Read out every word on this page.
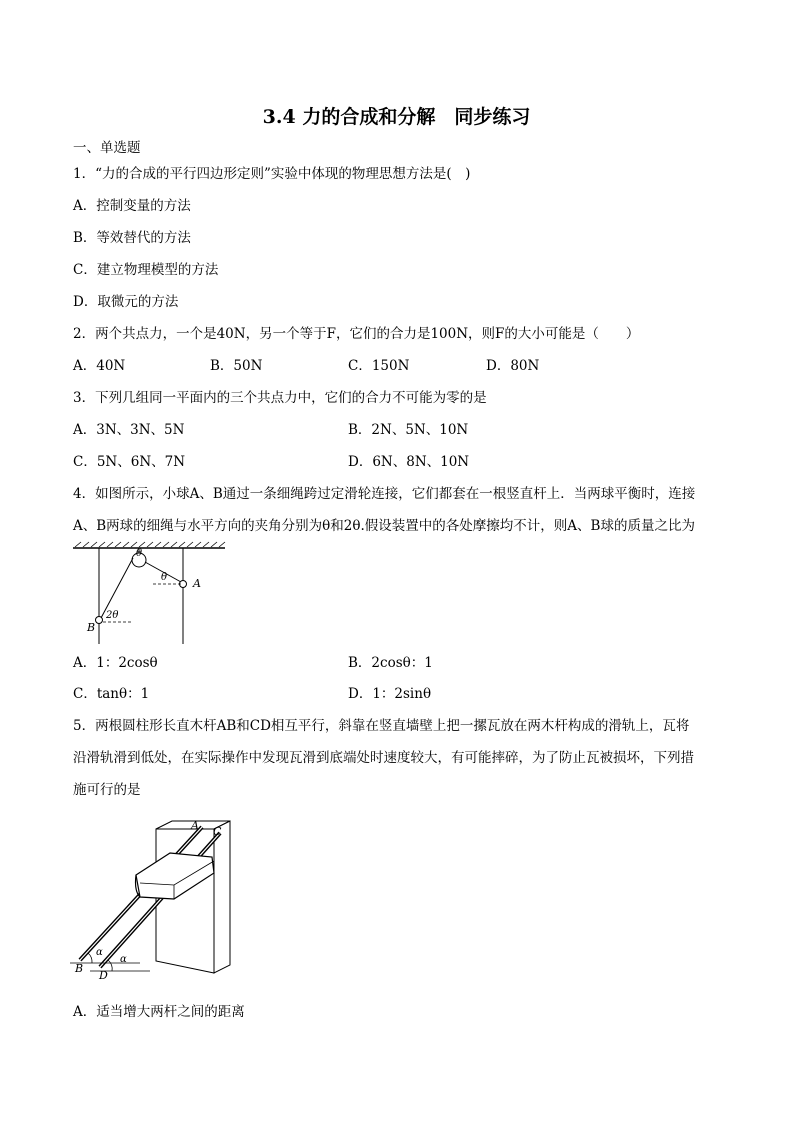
3.4 力的合成和分解　同步练习
一、单选题
1．“力的合成的平行四边形定则”实验中体现的物理思想方法是(　)
A．控制变量的方法
B．等效替代的方法
C．建立物理模型的方法
D．取微元的方法
2．两个共点力，一个是40N，另一个等于F，它们的合力是100N，则F的大小可能是（　　）
A．40N	B．50N	C．150N	D．80N
3．下列几组同一平面内的三个共点力中，它们的合力不可能为零的是
A．3N、3N、5N	B．2N、5N、10N
C．5N、6N、7N	D．6N、8N、10N
4．如图所示，小球A、B通过一条细绳跨过定滑轮连接，它们都套在一根竖直杆上．当两球平衡时，连接
A、B两球的细绳与水平方向的夹角分别为θ和2θ.假设装置中的各处摩擦均不计，则A、B球的质量之比为
θ
θ A
2θ
B
A．1：2cosθ	B．2cosθ：1
C．tanθ：1	D．1：2sinθ
5．两根圆柱形长直木杆AB和CD相互平行，斜靠在竖直墙壁上把一摞瓦放在两木杆构成的滑轨上，瓦将
沿滑轨滑到低处，在实际操作中发现瓦滑到底端处时速度较大，有可能摔碎，为了防止瓦被损坏，下列措
施可行的是
A C
α
α
B
D
A．适当增大两杆之间的距离
